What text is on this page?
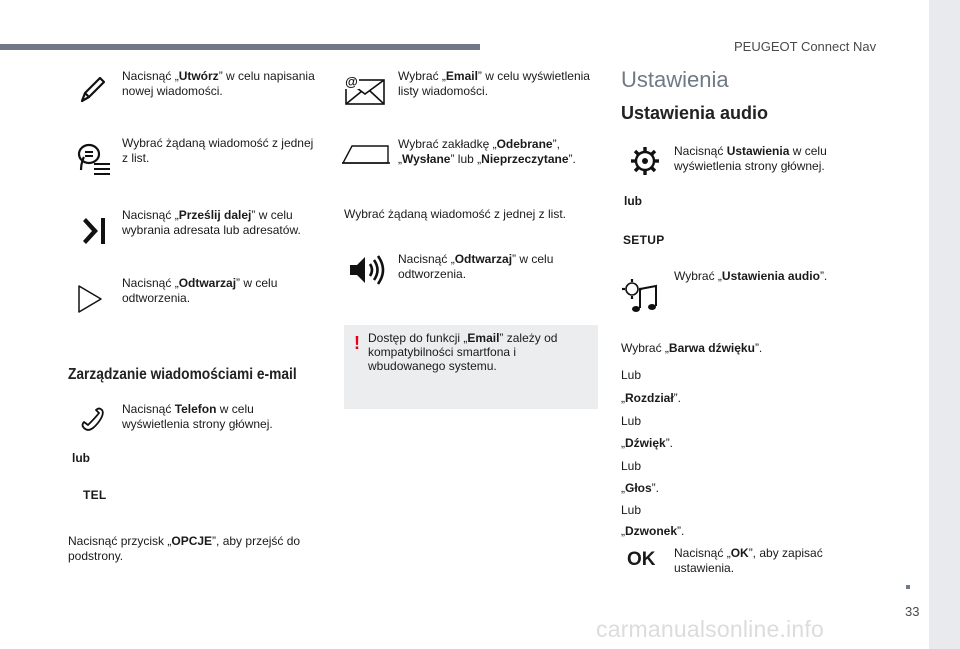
PEUGEOT Connect Nav
33
carmanualsonline.info
Nacisnąć „Utwórz” w celu napisania nowej wiadomości.
Wybrać żądaną wiadomość z jednej z list.
Nacisnąć „Prześlij dalej” w celu wybrania adresata lub adresatów.
Nacisnąć „Odtwarzaj” w celu odtworzenia.
Zarządzanie wiadomościami e-mail
Nacisnąć Telefon w celu wyświetlenia strony głównej.
lub
TEL
Nacisnąć przycisk „OPCJE”, aby przejść do podstrony.
@	Wybrać „Email” w celu wyświetlenia listy wiadomości.
Wybrać zakładkę „Odebrane”, „Wysłane” lub „Nieprzeczytane”.
Wybrać żądaną wiadomość z jednej z list.
Nacisnąć „Odtwarzaj” w celu odtworzenia.
! Dostęp do funkcji „Email” zależy od kompatybilności smartfona i wbudowanego systemu.
Ustawienia
Ustawienia audio
Nacisnąć Ustawienia w celu wyświetlenia strony głównej.
lub
SETUP
Wybrać „Ustawienia audio”.
Wybrać „Barwa dźwięku”.
Lub
„Rozdział”.
Lub
„Dźwięk”.
Lub
„Głos”.
Lub
„Dzwonek”.
OK Nacisnąć „OK”, aby zapisać ustawienia.
